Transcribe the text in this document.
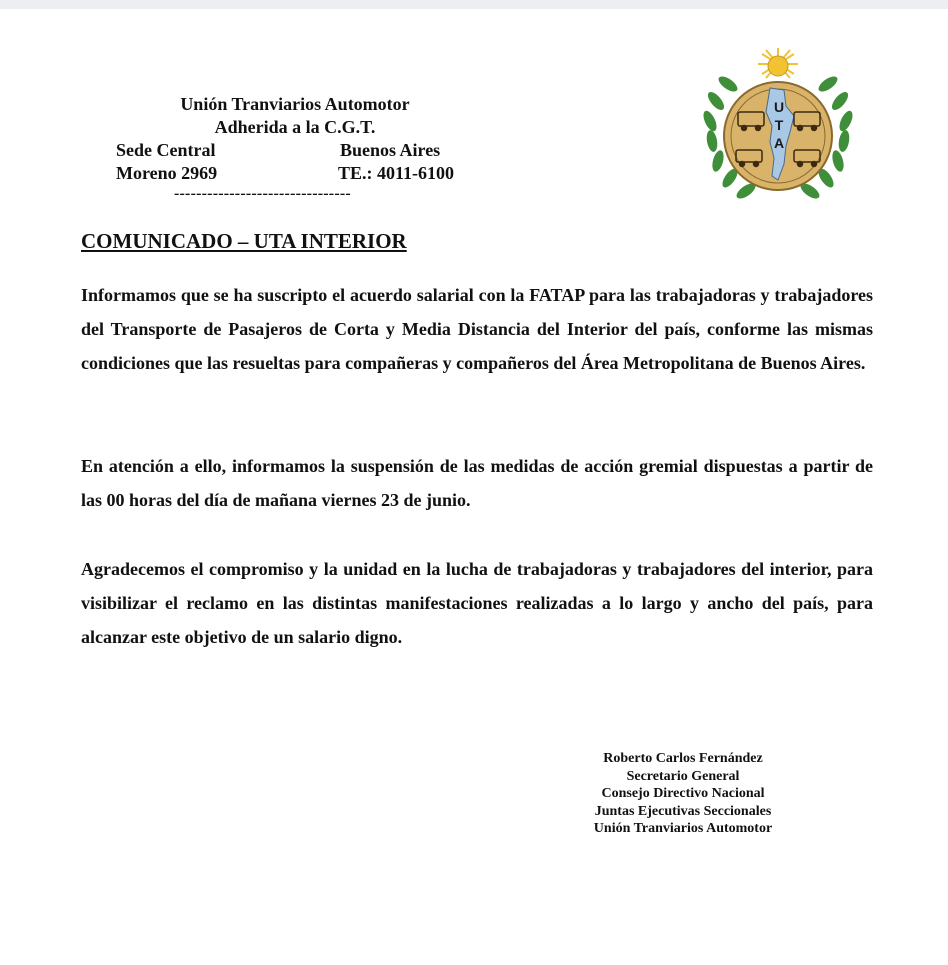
Unión Tranviarios Automotor
Adherida a la C.G.T.
Sede Central	Buenos Aires
Moreno 2969	TE.: 4011-6100
--------------------------------
U
T
A
COMUNICADO – UTA INTERIOR
Informamos que se ha suscripto el acuerdo salarial con la FATAP para las trabajadoras y trabajadores del Transporte de Pasajeros de Corta y Media Distancia del Interior del país, conforme las mismas condiciones que las resueltas para compañeras y compañeros del Área Metropolitana de Buenos Aires.
En atención a ello, informamos la suspensión de las medidas de acción gremial dispuestas a partir de las 00 horas del día de mañana viernes 23 de junio.
Agradecemos el compromiso y la unidad en la lucha de trabajadoras y trabajadores del interior, para visibilizar el reclamo en las distintas manifestaciones realizadas a lo largo y ancho del país, para alcanzar este objetivo de un salario digno.
Roberto Carlos Fernández
Secretario General
Consejo Directivo Nacional
Juntas Ejecutivas Seccionales
Unión Tranviarios Automotor
